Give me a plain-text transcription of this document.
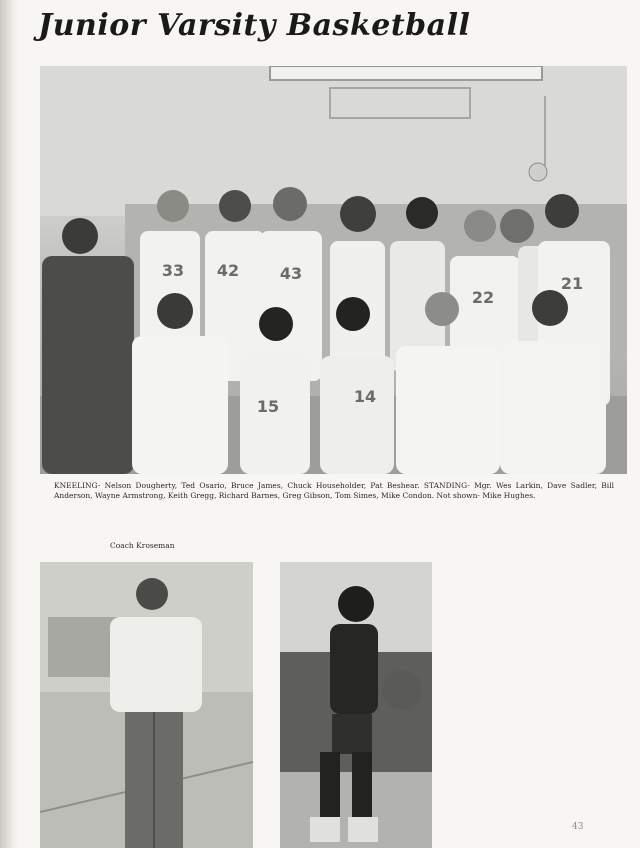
Junior Varsity Basketball
33 42	43
22
21
15
14

KNEELING- Nelson Dougherty, Ted Osario, Bruce James, Chuck Householder, Pat Beshear. STANDING- Mgr. Wes Larkin, Dave Sadler, Bill Anderson, Wayne Armstrong, Keith Gregg, Richard Barnes, Greg Gibson, Tom Simes, Mike Condon. Not shown- Mike Hughes.

Coach Kroseman

43
